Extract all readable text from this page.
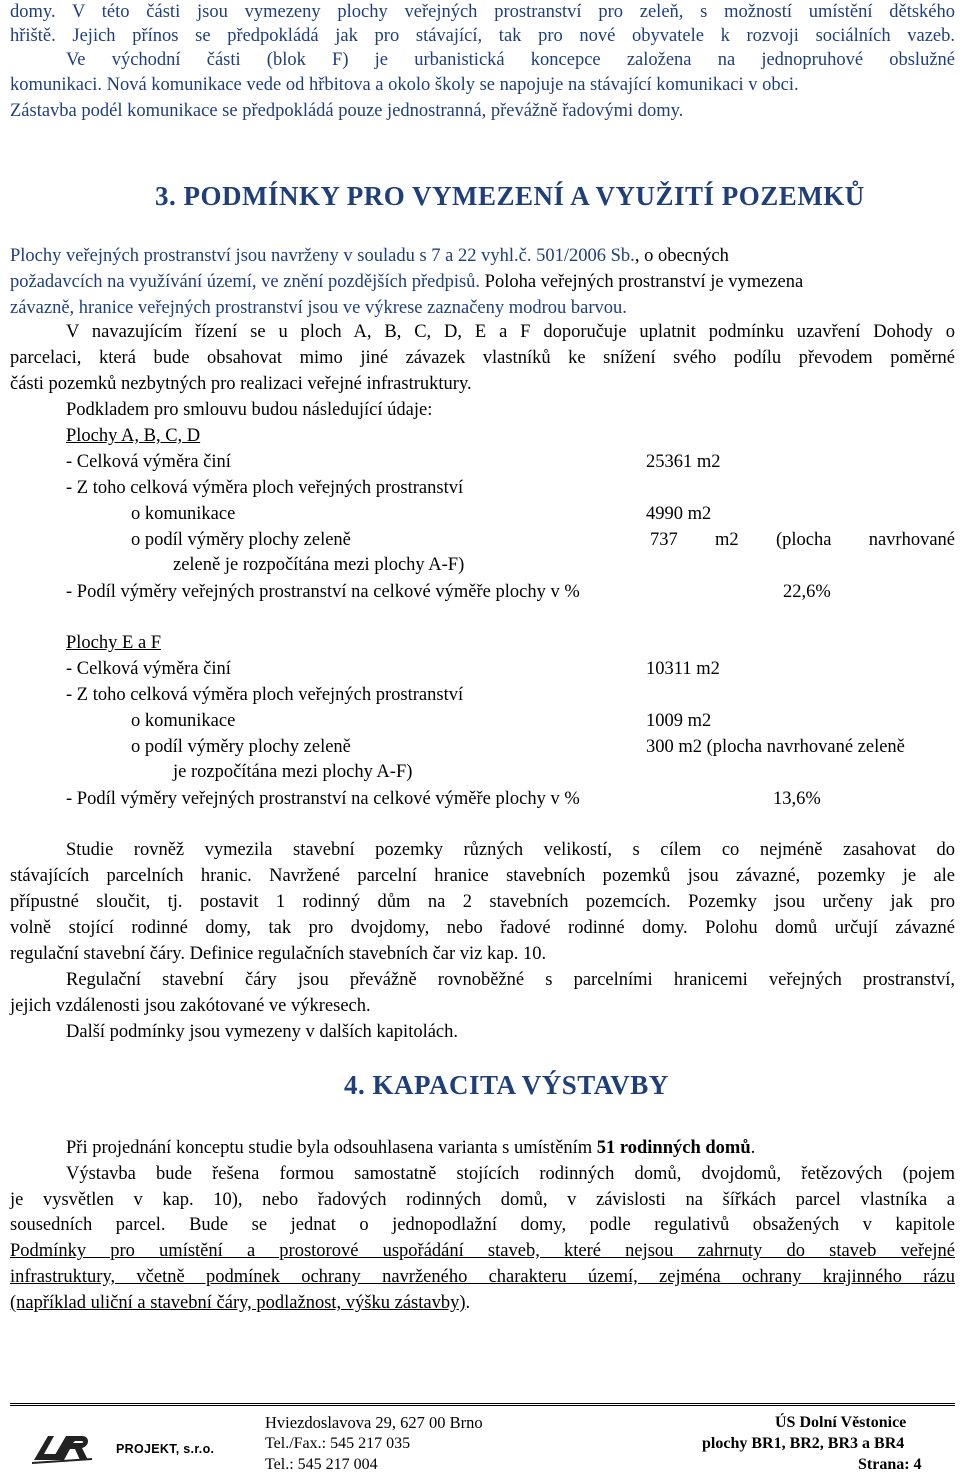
domy. V této části jsou vymezeny plochy veřejných prostranství pro zeleň, s možností umístění dětského
hřiště. Jejich přínos se předpokládá jak pro stávající, tak pro nové obyvatele k rozvoji sociálních vazeb.
Ve východní části (blok F) je urbanistická koncepce založena na jednopruhové obslužné
komunikaci. Nová komunikace vede od hřbitova a okolo školy se napojuje na stávající komunikaci v obci.
Zástavba podél komunikace se předpokládá pouze jednostranná, převážně řadovými domy.
3. PODMÍNKY PRO VYMEZENÍ A VYUŽITÍ POZEMKŮ
Plochy veřejných prostranství jsou navrženy v souladu s 7 a 22 vyhl.č. 501/2006 Sb., o obecných
požadavcích na využívání území, ve znění pozdějších předpisů. Poloha veřejných prostranství je vymezena
závazně, hranice veřejných prostranství jsou ve výkrese zaznačeny modrou barvou.
V navazujícím řízení se u ploch A, B, C, D, E a F doporučuje uplatnit podmínku uzavření Dohody o
parcelaci, která bude obsahovat mimo jiné závazek vlastníků ke snížení svého podílu převodem poměrné
části pozemků nezbytných pro realizaci veřejné infrastruktury.
Podkladem pro smlouvu budou následující údaje:
Plochy A, B, C, D
- Celková výměra činí	25361 m2
- Z toho celková výměra ploch veřejných prostranství
o komunikace	4990 m2
o podíl výměry plochy zeleně	737 m2 (plocha navrhované
zeleně je rozpočítána mezi plochy A-F)
- Podíl výměry veřejných prostranství na celkové výměře plochy v %	22,6%
Plochy E a F
- Celková výměra činí	10311 m2
- Z toho celková výměra ploch veřejných prostranství
o komunikace	1009 m2
o podíl výměry plochy zeleně	300 m2 (plocha navrhované zeleně
je rozpočítána mezi plochy A-F)
- Podíl výměry veřejných prostranství na celkové výměře plochy v %	13,6%
Studie rovněž vymezila stavební pozemky různých velikostí, s cílem co nejméně zasahovat do
stávajících parcelních hranic. Navržené parcelní hranice stavebních pozemků jsou závazné, pozemky je ale
přípustné sloučit, tj. postavit 1 rodinný dům na 2 stavebních pozemcích. Pozemky jsou určeny jak pro
volně stojící rodinné domy, tak pro dvojdomy, nebo řadové rodinné domy. Polohu domů určují závazné
regulační stavební čáry. Definice regulačních stavebních čar viz kap. 10.
Regulační stavební čáry jsou převážně rovnoběžné s parcelními hranicemi veřejných prostranství,
jejich vzdálenosti jsou zakótované ve výkresech.
Další podmínky jsou vymezeny v dalších kapitolách.
4. KAPACITA VÝSTAVBY
Při projednání konceptu studie byla odsouhlasena varianta s umístěním 51 rodinných domů.
Výstavba bude řešena formou samostatně stojících rodinných domů, dvojdomů, řetězových (pojem
je vysvětlen v kap. 10), nebo řadových rodinných domů, v závislosti na šířkách parcel vlastníka a
sousedních parcel. Bude se jednat o jednopodlažní domy, podle regulativů obsažených v kapitole
Podmínky pro umístění a prostorové uspořádání staveb, které nejsou zahrnuty do staveb veřejné
infrastruktury, včetně podmínek ochrany navrženého charakteru území, zejména ochrany krajinného rázu
(například uliční a stavební čáry, podlažnost, výšku zástavby).
PROJEKT, s.r.o.
Hviezdoslavova 29, 627 00 Brno
Tel./Fax.: 545 217 035
Tel.: 545 217 004
ÚS Dolní Věstonice
plochy BR1, BR2, BR3 a BR4
Strana: 4
